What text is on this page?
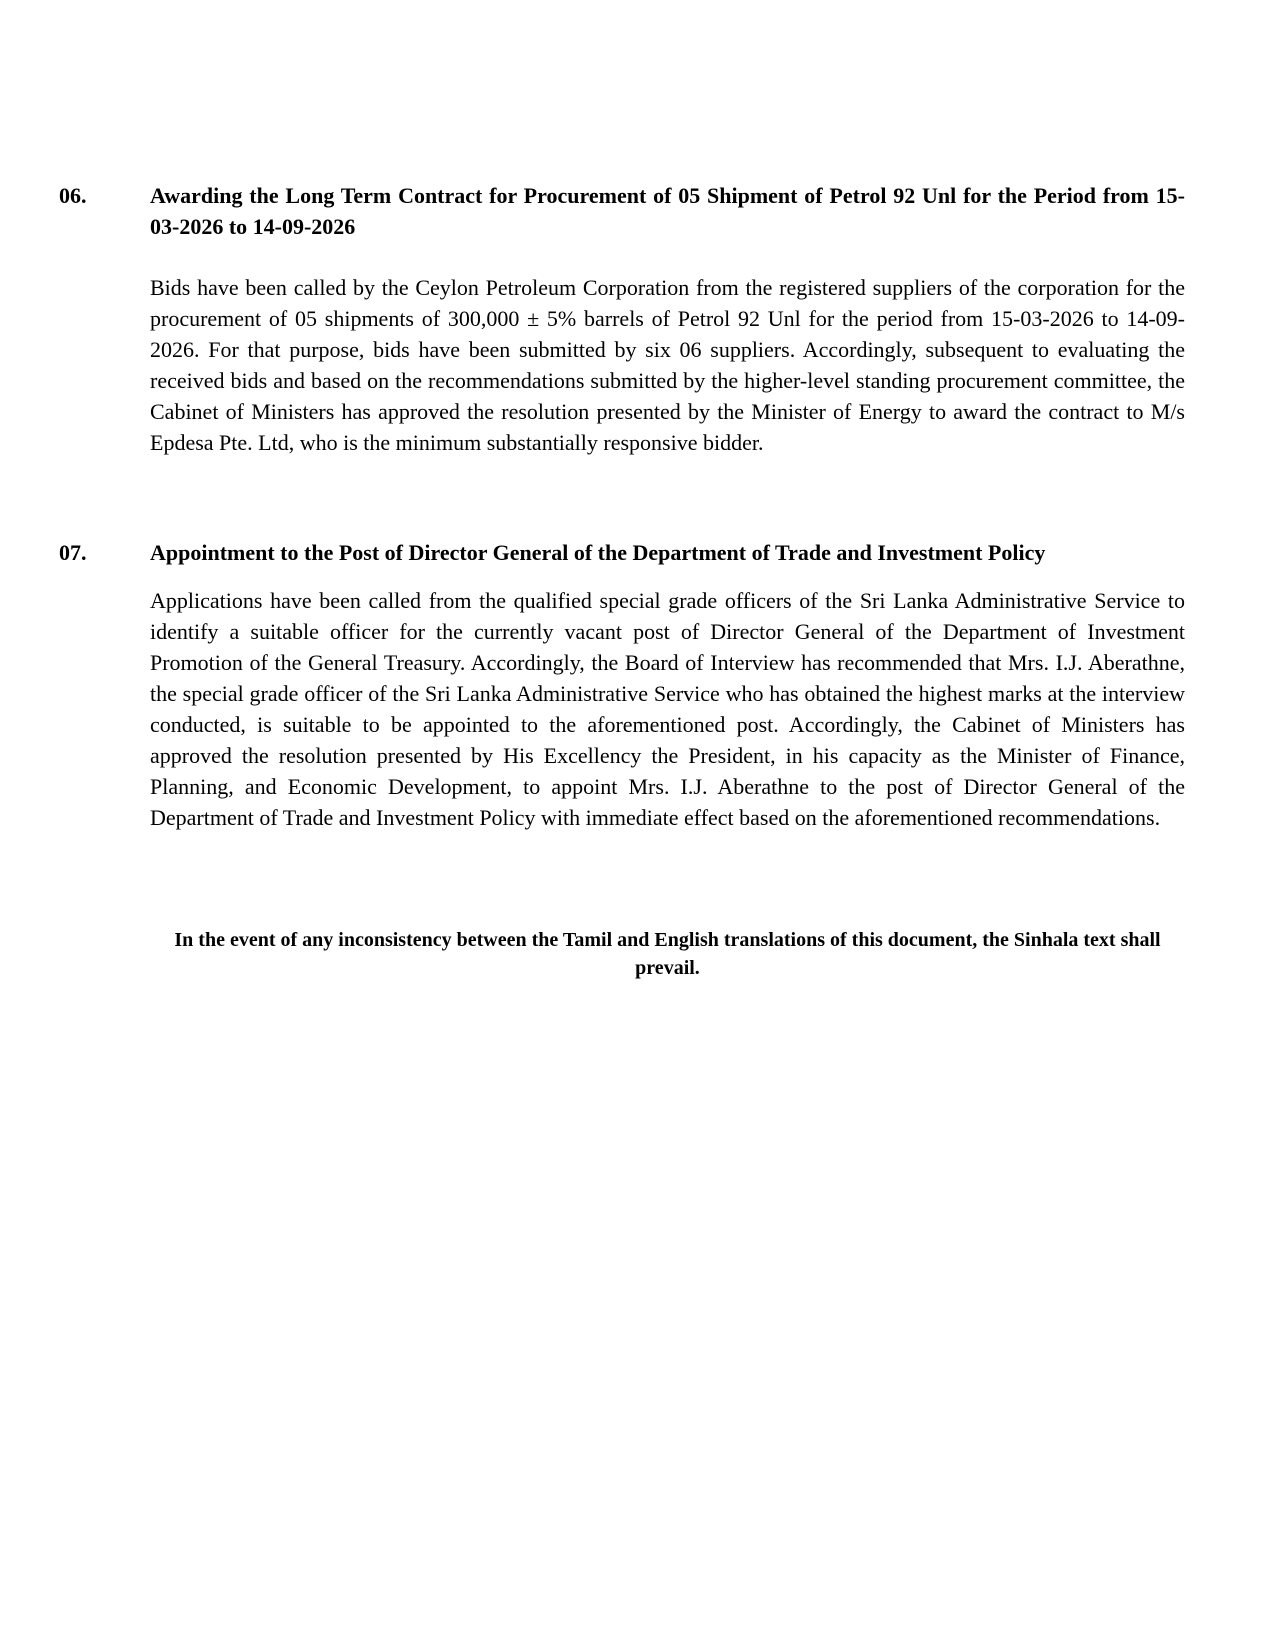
06.	Awarding the Long Term Contract for Procurement of 05 Shipment of Petrol 92 Unl for the Period from 15-03-2026 to 14-09-2026
Bids have been called by the Ceylon Petroleum Corporation from the registered suppliers of the corporation for the procurement of 05 shipments of 300,000 ± 5% barrels of Petrol 92 Unl for the period from 15-03-2026 to 14-09-2026. For that purpose, bids have been submitted by six 06 suppliers. Accordingly, subsequent to evaluating the received bids and based on the recommendations submitted by the higher-level standing procurement committee, the Cabinet of Ministers has approved the resolution presented by the Minister of Energy to award the contract to M/s Epdesa Pte. Ltd, who is the minimum substantially responsive bidder.
07.	Appointment to the Post of Director General of the Department of Trade and Investment Policy
Applications have been called from the qualified special grade officers of the Sri Lanka Administrative Service to identify a suitable officer for the currently vacant post of Director General of the Department of Investment Promotion of the General Treasury. Accordingly, the Board of Interview has recommended that Mrs. I.J. Aberathne, the special grade officer of the Sri Lanka Administrative Service who has obtained the highest marks at the interview conducted, is suitable to be appointed to the aforementioned post. Accordingly, the Cabinet of Ministers has approved the resolution presented by His Excellency the President, in his capacity as the Minister of Finance, Planning, and Economic Development, to appoint Mrs. I.J. Aberathne to the post of Director General of the Department of Trade and Investment Policy with immediate effect based on the aforementioned recommendations.
In the event of any inconsistency between the Tamil and English translations of this document, the Sinhala text shall prevail.
